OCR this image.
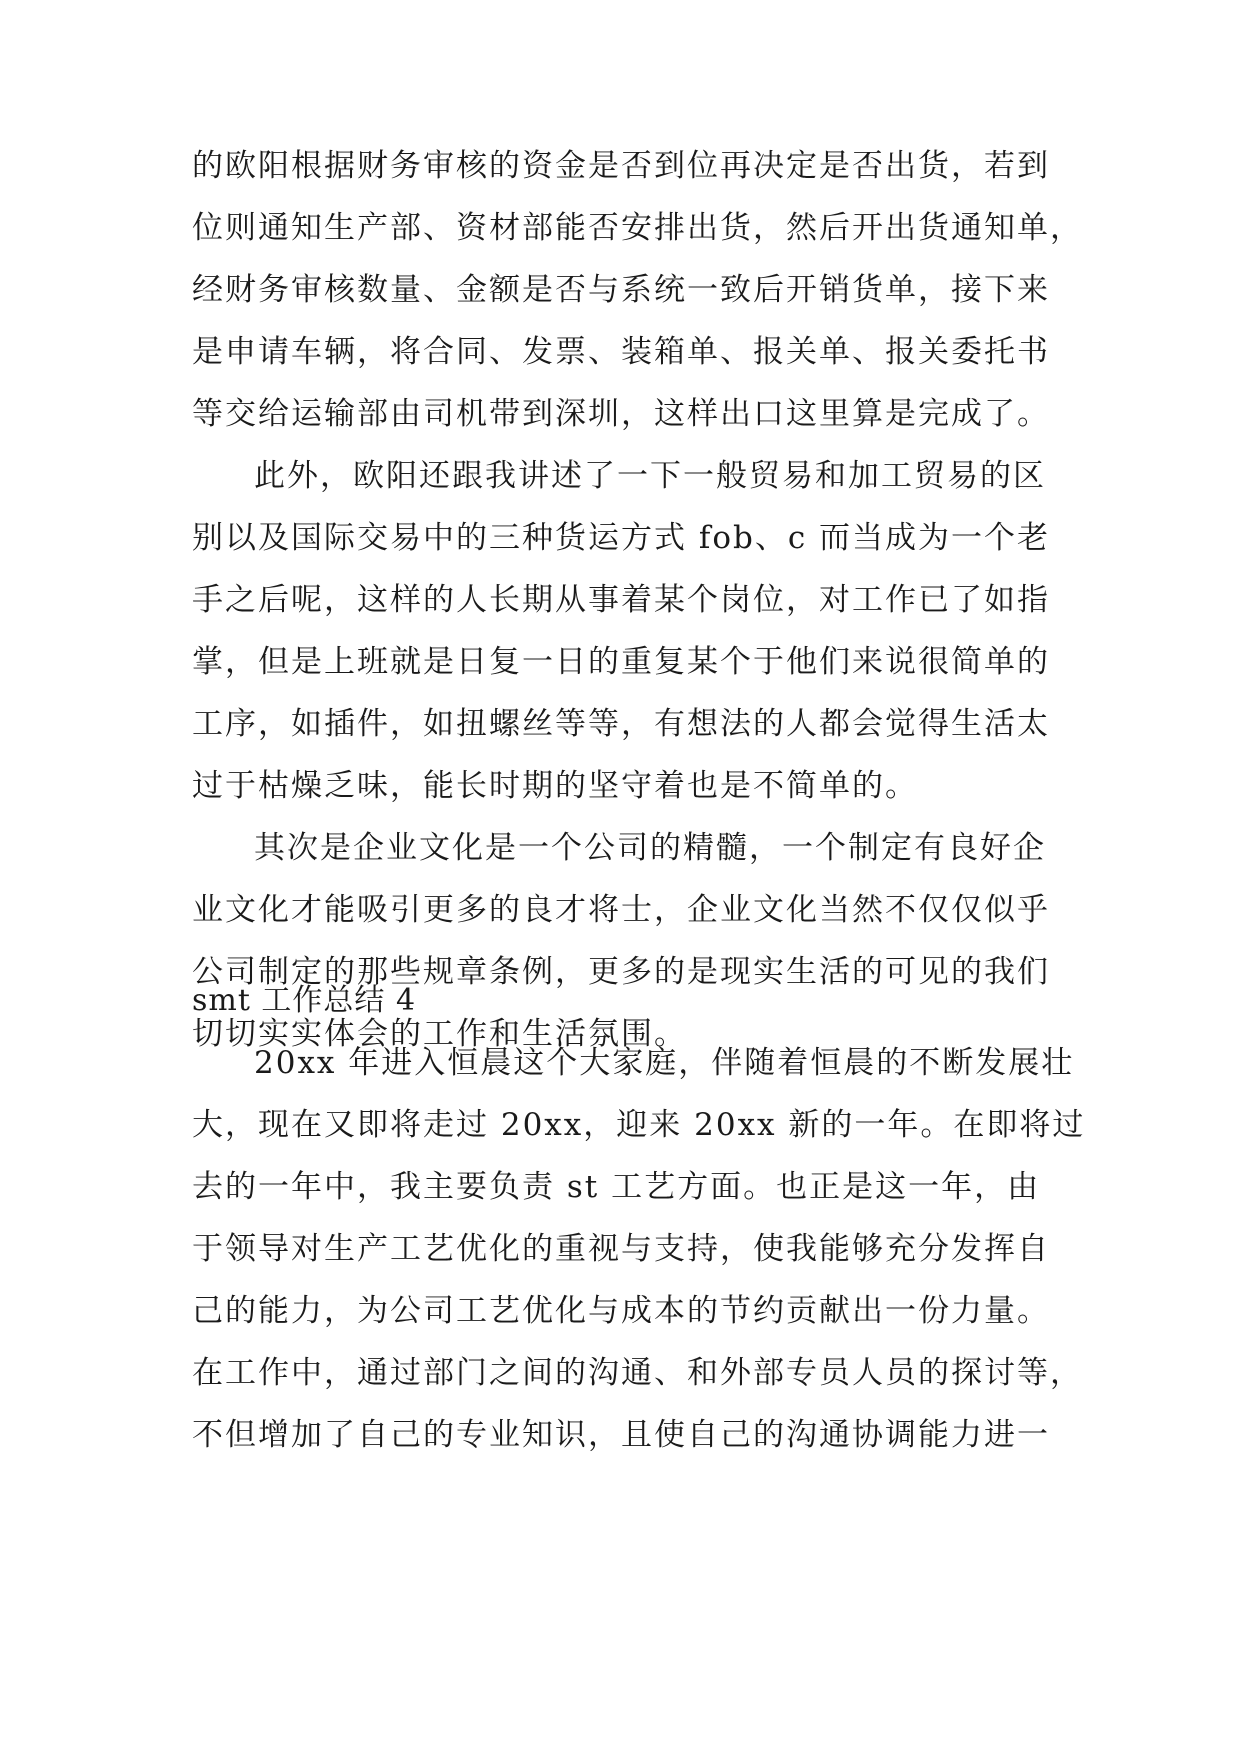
的欧阳根据财务审核的资金是否到位再决定是否出货，若到
位则通知生产部、资材部能否安排出货，然后开出货通知单，
经财务审核数量、金额是否与系统一致后开销货单，接下来
是申请车辆，将合同、发票、装箱单、报关单、报关委托书
等交给运输部由司机带到深圳，这样出口这里算是完成了。
此外，欧阳还跟我讲述了一下一般贸易和加工贸易的区
别以及国际交易中的三种货运方式 fob、c 而当成为一个老
手之后呢，这样的人长期从事着某个岗位，对工作已了如指
掌，但是上班就是日复一日的重复某个于他们来说很简单的
工序，如插件，如扭螺丝等等，有想法的人都会觉得生活太
过于枯燥乏味，能长时期的坚守着也是不简单的。
其次是企业文化是一个公司的精髓，一个制定有良好企
业文化才能吸引更多的良才将士，企业文化当然不仅仅似乎
公司制定的那些规章条例，更多的是现实生活的可见的我们
切切实实体会的工作和生活氛围。
smt 工作总结 4
20xx 年进入恒晨这个大家庭，伴随着恒晨的不断发展壮
大，现在又即将走过 20xx，迎来 20xx 新的一年。在即将过
去的一年中，我主要负责 st 工艺方面。也正是这一年，由
于领导对生产工艺优化的重视与支持，使我能够充分发挥自
己的能力，为公司工艺优化与成本的节约贡献出一份力量。
在工作中，通过部门之间的沟通、和外部专员人员的探讨等，
不但增加了自己的专业知识，且使自己的沟通协调能力进一
